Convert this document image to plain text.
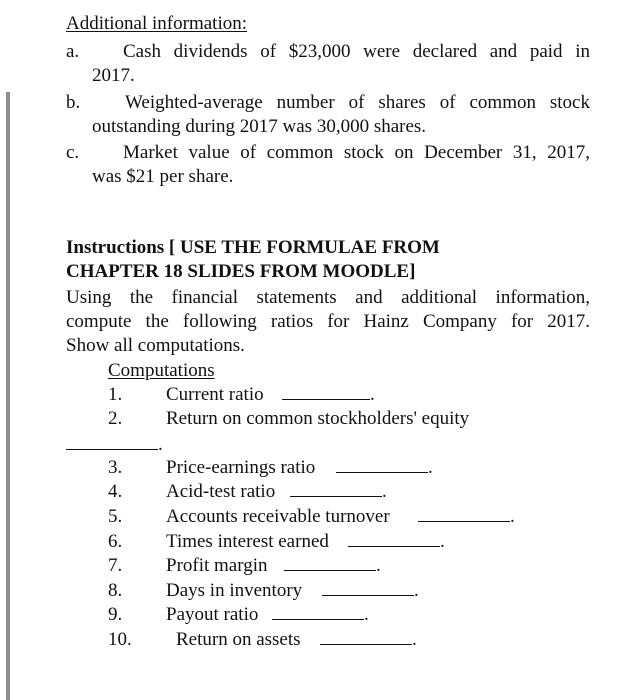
Additional information:
a. Cash dividends of $23,000 were declared and paid in
2017.
b. Weighted-average number of shares of common stock
outstanding during 2017 was 30,000 shares.
c. Market value of common stock on December 31, 2017,
was $21 per share.
Instructions [ USE THE FORMULAE FROM
CHAPTER 18 SLIDES FROM MOODLE]
Using the financial statements and additional information,
compute the following ratios for Hainz Company for 2017.
Show all computations.
Computations
1. Current ratio	.
2. Return on common stockholders' equity
.
3. Price-earnings ratio	.
4. Acid-test ratio	.
5. Accounts receivable turnover	.
6. Times interest earned	.
7. Profit margin	.
8. Days in inventory	.
9. Payout ratio	.
10. Return on assets	.
